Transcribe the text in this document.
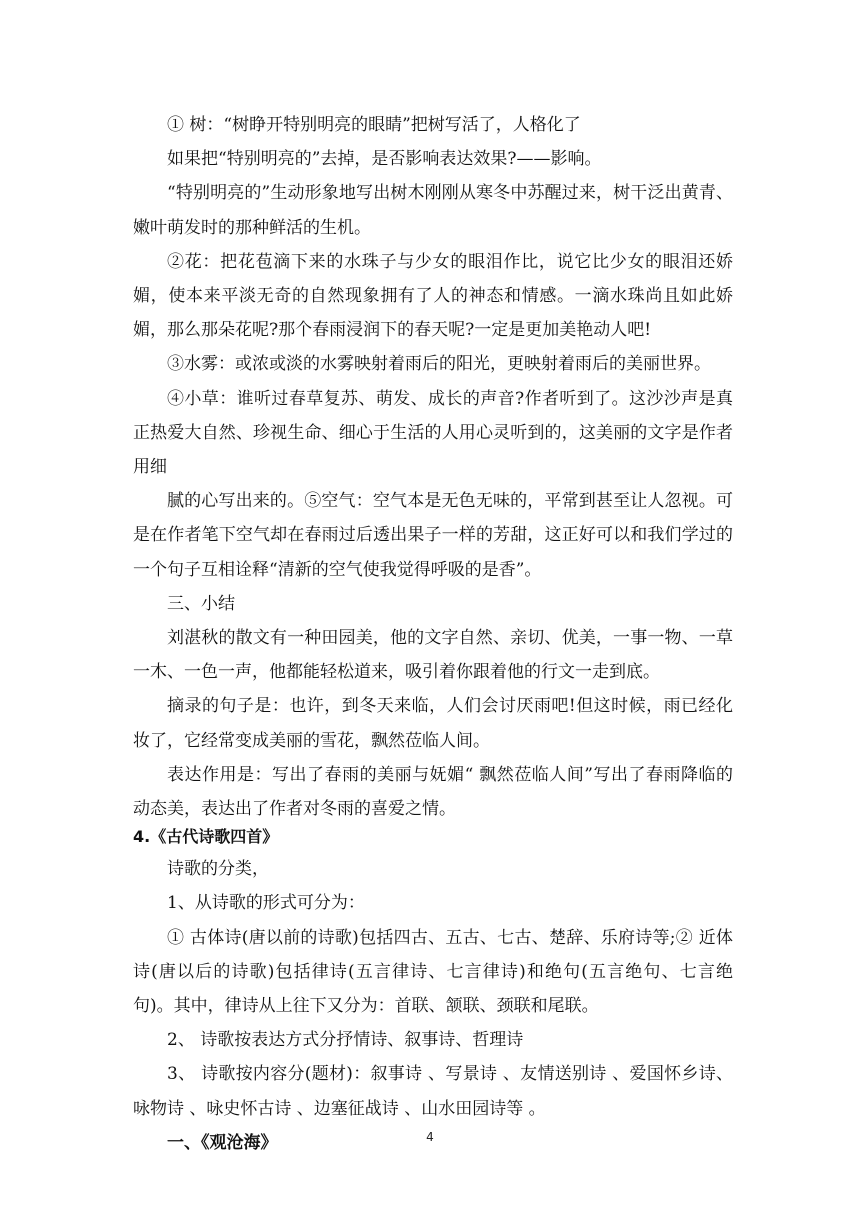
① 树：“树睁开特别明亮的眼睛”把树写活了，人格化了

如果把“特别明亮的”去掉，是否影响表达效果?——影响。

“特别明亮的”生动形象地写出树木刚刚从寒冬中苏醒过来，树干泛出黄青、嫩叶萌发时的那种鲜活的生机。

②花：把花苞滴下来的水珠子与少女的眼泪作比，说它比少女的眼泪还娇媚，使本来平淡无奇的自然现象拥有了人的神态和情感。一滴水珠尚且如此娇媚，那么那朵花呢?那个春雨浸润下的春天呢?一定是更加美艳动人吧!

③水雾：或浓或淡的水雾映射着雨后的阳光，更映射着雨后的美丽世界。

④小草：谁听过春草复苏、萌发、成长的声音?作者听到了。这沙沙声是真正热爱大自然、珍视生命、细心于生活的人用心灵听到的，这美丽的文字是作者用细

腻的心写出来的。⑤空气：空气本是无色无味的，平常到甚至让人忽视。可是在作者笔下空气却在春雨过后透出果子一样的芳甜，这正好可以和我们学过的一个句子互相诠释“清新的空气使我觉得呼吸的是香”。

三、小结

刘湛秋的散文有一种田园美，他的文字自然、亲切、优美，一事一物、一草一木、一色一声，他都能轻松道来，吸引着你跟着他的行文一走到底。

摘录的句子是：也许，到冬天来临，人们会讨厌雨吧!但这时候，雨已经化妆了，它经常变成美丽的雪花，飘然莅临人间。

表达作用是：写出了春雨的美丽与妩媚“ 飘然莅临人间”写出了春雨降临的动态美，表达出了作者对冬雨的喜爱之情。

4.《古代诗歌四首》

诗歌的分类，

1、从诗歌的形式可分为：

① 古体诗(唐以前的诗歌)包括四古、五古、七古、楚辞、乐府诗等;② 近体诗(唐以后的诗歌)包括律诗(五言律诗、七言律诗)和绝句(五言绝句、七言绝句)。其中，律诗从上往下又分为：首联、颔联、颈联和尾联。

2、 诗歌按表达方式分抒情诗、叙事诗、哲理诗

3、 诗歌按内容分(题材)：叙事诗 、写景诗 、友情送别诗 、爱国怀乡诗、咏物诗 、咏史怀古诗 、边塞征战诗 、山水田园诗等 。

一、《观沧海》	4
